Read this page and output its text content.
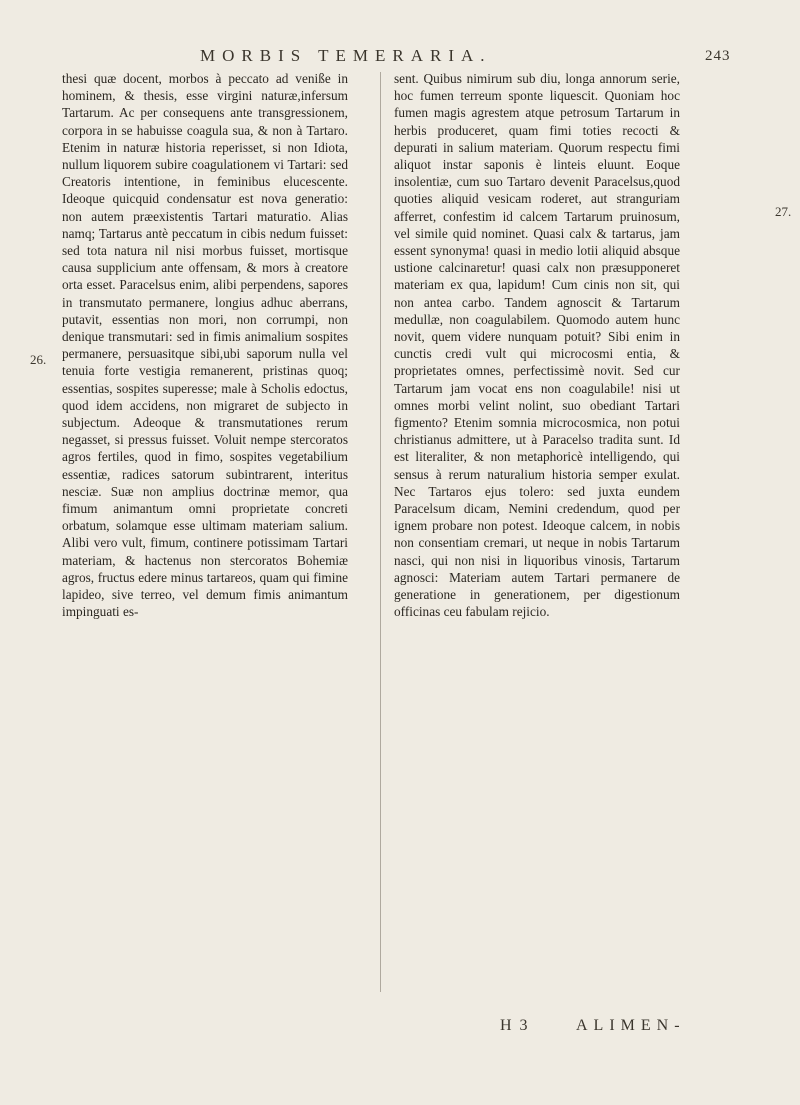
MORBIS TEMERARIA.	243
26.
27.

thesi quæ docent, morbos à peccato ad veniße in hominem, & thesis, esse virgini naturæ,infersum Tartarum. Ac per consequens ante transgressionem, corpora in se habuisse coagula sua, & non à Tartaro. Etenim in naturæ historia reperisset, si non Idiota, nullum liquorem subire coagulationem vi Tartari: sed Creatoris intentione, in feminibus elucescente. Ideoque quicquid condensatur est nova generatio: non autem præexistentis Tartari maturatio. Alias namq; Tartarus antè peccatum in cibis nedum fuisset: sed tota natura nil nisi morbus fuisset, mortisque causa supplicium ante offensam, & mors à creatore orta esset. Paracelsus enim, alibi perpendens, sapores in transmutato permanere, longius adhuc aberrans, putavit, essentias non mori, non corrumpi, non denique transmutari: sed in fimis animalium sospites permanere, persuasitque sibi,ubi saporum nulla vel tenuia forte vestigia remanerent, pristinas quoq; essentias, sospites superesse; male à Scholis edoctus, quod idem accidens, non migraret de subjecto in subjectum. Adeoque & transmutationes rerum negasset, si pressus fuisset. Voluit nempe stercoratos agros fertiles, quod in fimo, sospites vegetabilium essentiæ, radices satorum subintrarent, interitus nesciæ. Suæ non amplius doctrinæ memor, qua fimum animantum omni proprietate concreti orbatum, solamque esse ultimam materiam salium. Alibi vero vult, fimum, continere potissimam Tartari materiam, & hactenus non stercoratos Bohemiæ agros, fructus edere minus tartareos, quam qui fimine lapideo, sive terreo, vel demum fimis animantum impinguati es-

sent. Quibus nimirum sub diu, longa annorum serie, hoc fumen terreum sponte liquescit. Quoniam hoc fumen magis agrestem atque petrosum Tartarum in herbis produceret, quam fimi toties recocti & depurati in salium materiam. Quorum respectu fimi aliquot instar saponis è linteis eluunt. Eoque insolentiæ, cum suo Tartaro devenit Paracelsus,quod quoties aliquid vesicam roderet, aut stranguriam afferret, confestim id calcem Tartarum pruinosum, vel simile quid nominet. Quasi calx & tartarus, jam essent synonyma! quasi in medio lotii aliquid absque ustione calcinaretur! quasi calx non præsupponeret materiam ex qua, lapidum! Cum cinis non sit, qui non antea carbo. Tandem agnoscit & Tartarum medullæ, non coagulabilem. Quomodo autem hunc novit, quem videre nunquam potuit? Sibi enim in cunctis credi vult qui microcosmi entia, & proprietates omnes, perfectissimè novit. Sed cur Tartarum jam vocat ens non coagulabile! nisi ut omnes morbi velint nolint, suo obediant Tartari figmento? Etenim somnia microcosmica, non potui christianus admittere, ut à Paracelso tradita sunt. Id est literaliter, & non metaphoricè intelligendo, qui sensus à rerum naturalium historia semper exulat. Nec Tartaros ejus tolero: sed juxta eundem Paracelsum dicam, Nemini credendum, quod per ignem probare non potest. Ideoque calcem, in nobis non consentiam cremari, ut neque in nobis Tartarum nasci, qui non nisi in liquoribus vinosis, Tartarum agnosci: Materiam autem Tartari permanere de generatione in generationem, per digestionum officinas ceu fabulam rejicio.

H 3	ALIMEN-
